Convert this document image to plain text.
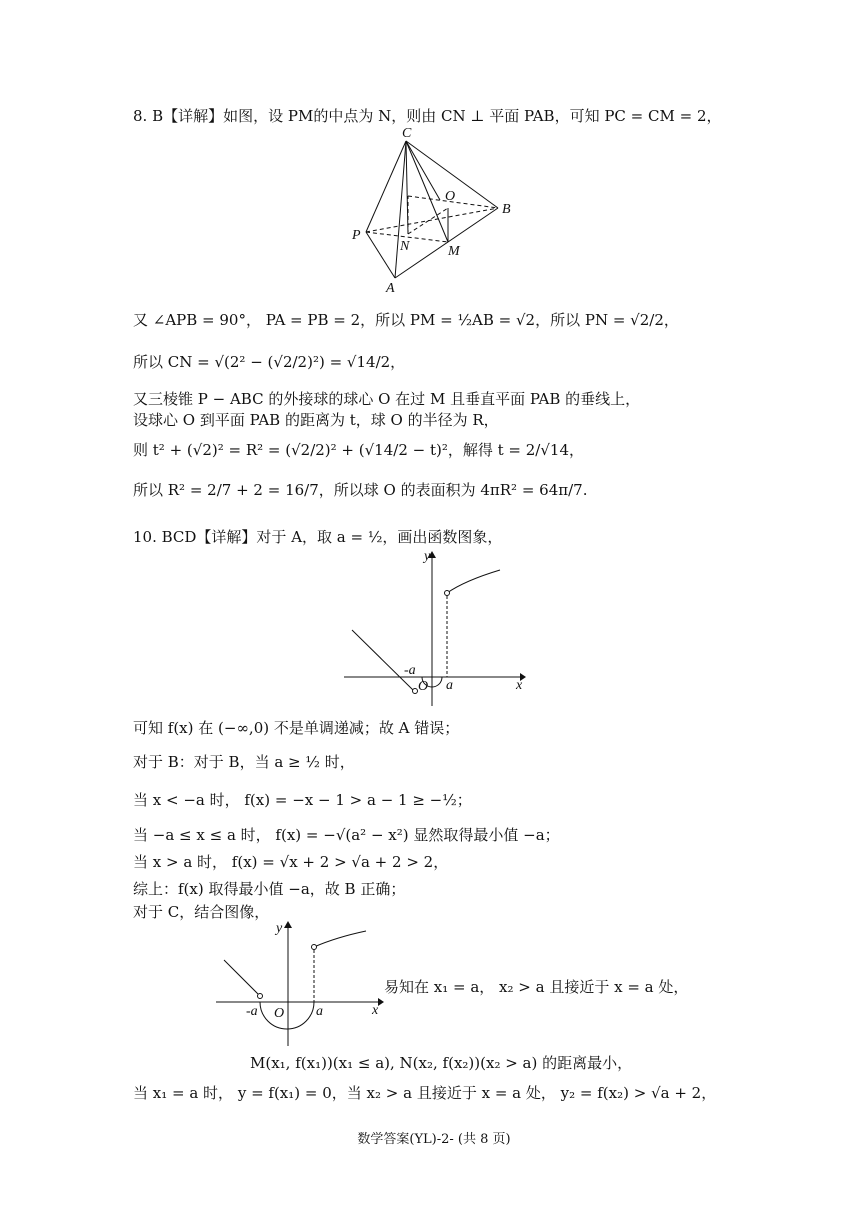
8. B【详解】如图，设 PM的中点为 N，则由 CN ⊥ 平面 PAB，可知 PC = CM = 2，
C
O
B
P
N	M
A
又 ∠APB = 90°， PA = PB = 2，所以 PM = ½AB = √2，所以 PN = √2/2，
所以 CN = √(2² − (√2/2)²) = √14/2，
又三棱锥 P − ABC 的外接球的球心 O 在过 M 且垂直平面 PAB 的垂线上，
设球心 O 到平面 PAB 的距离为 t，球 O 的半径为 R，
则 t² + (√2)² = R² = (√2/2)² + (√14/2 − t)²，解得 t = 2/√14，
所以 R² = 2/7 + 2 = 16/7，所以球 O 的表面积为 4πR² = 64π/7.
10. BCD【详解】对于 A，取 a = ½，画出函数图象，
y
x
-a
O a
可知 f(x) 在 (−∞,0) 不是单调递减；故 A 错误；
对于 B：对于 B，当 a ≥ ½ 时，
当 x < −a 时， f(x) = −x − 1 > a − 1 ≥ −½；
当 −a ≤ x ≤ a 时， f(x) = −√(a² − x²) 显然取得最小值 −a；
当 x > a 时， f(x) = √x + 2 > √a + 2 > 2，
综上：f(x) 取得最小值 −a，故 B 正确；
对于 C，结合图像，
y
x
-a O a
易知在 x₁ = a， x₂ > a 且接近于 x = a 处，
M(x₁, f(x₁))(x₁ ≤ a), N(x₂, f(x₂))(x₂ > a) 的距离最小，
当 x₁ = a 时， y = f(x₁) = 0，当 x₂ > a 且接近于 x = a 处， y₂ = f(x₂) > √a + 2，
数学答案(YL)-2- (共 8 页)
